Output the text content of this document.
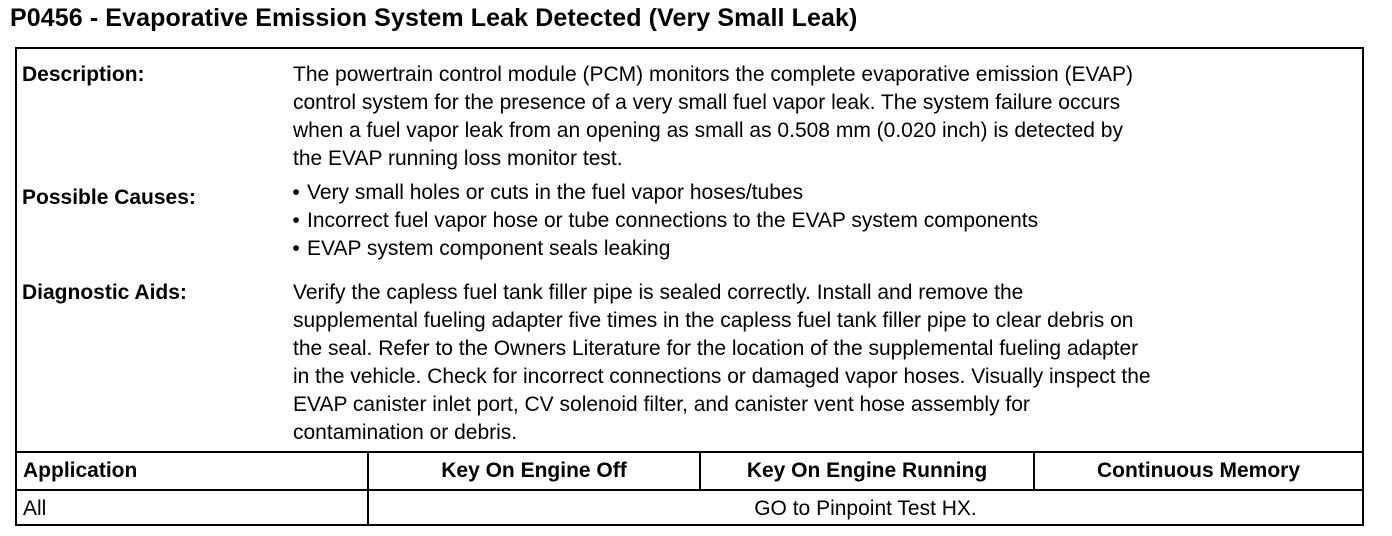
P0456 - Evaporative Emission System Leak Detected (Very Small Leak)
Description:	The powertrain control module (PCM) monitors the complete evaporative emission (EVAP)
control system for the presence of a very small fuel vapor leak. The system failure occurs
when a fuel vapor leak from an opening as small as 0.508 mm (0.020 inch) is detected by
the EVAP running loss monitor test.
Possible Causes:	• Very small holes or cuts in the fuel vapor hoses/tubes
• Incorrect fuel vapor hose or tube connections to the EVAP system components
• EVAP system component seals leaking
Diagnostic Aids:	Verify the capless fuel tank filler pipe is sealed correctly. Install and remove the
supplemental fueling adapter five times in the capless fuel tank filler pipe to clear debris on
the seal. Refer to the Owners Literature for the location of the supplemental fueling adapter
in the vehicle. Check for incorrect connections or damaged vapor hoses. Visually inspect the
EVAP canister inlet port, CV solenoid filter, and canister vent hose assembly for
contamination or debris.
Application	Key On Engine Off	Key On Engine Running	Continuous Memory
All	GO to Pinpoint Test HX.
